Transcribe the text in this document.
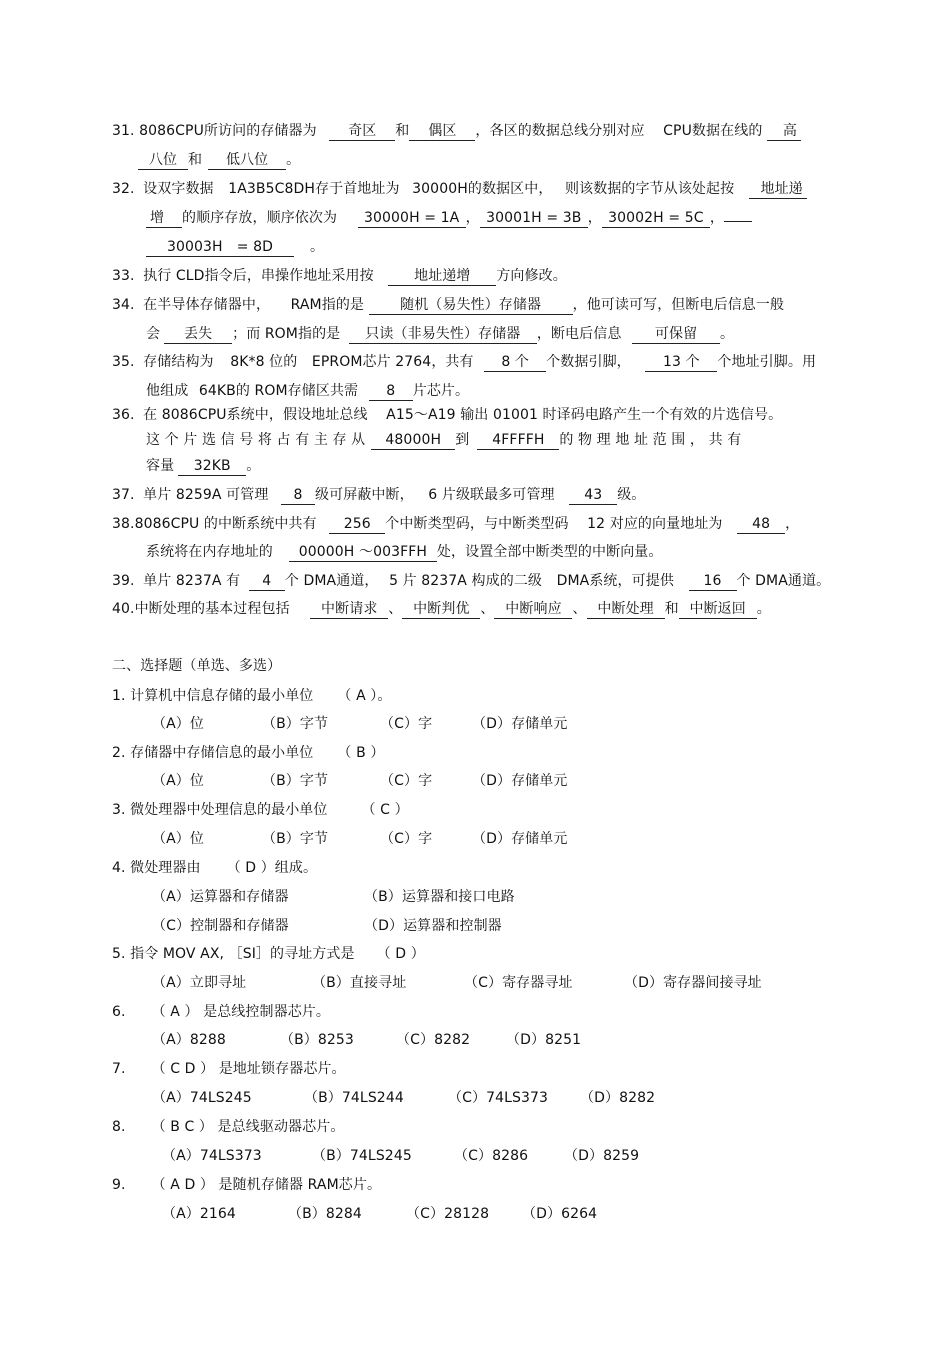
31. 8086CPU所访问的存储器为 奇区 和 偶区 ，各区的数据总线分别对应 CPU数据在线的 高
八位 和 低八位 。
32. 设双字数据 1A3B5C8DH存于首地址为 30000H的数据区中， 则该数据的字节从该处起按 地址递
增 的顺序存放，顺序依次为 30000H = 1A ， 30001H = 3B ， 30002H = 5C ，
30003H　= 8D	。
33. 执行 CLD指令后，串操作地址采用按	地址递增 方向修改。
34. 在半导体存储器中， RAM指的是	随机（易失性）存储器 ，他可读可写，但断电后信息一般
会 丢失 ；而 ROM指的是 只读（非易失性）存储器 ，断电后信息 可保留 。
35. 存储结构为 8K*8 位的 EPROM芯片 2764，共有 8 个 个数据引脚， 13 个 个地址引脚。用
他组成 64KB的 ROM存储区共需 8 片芯片。
36. 在 8086CPU系统中，假设地址总线 A15～A19 输出 01001 时译码电路产生一个有效的片选信号。
这 个 片 选 信 号 将 占 有 主 存 从 48000H 到 4FFFFH 的 物 理 地 址 范 围 ， 共 有
容量 32KB 。
37. 单片 8259A 可管理 8 级可屏蔽中断， 6 片级联最多可管理 43 级。
38.8086CPU 的中断系统中共有 256 个中断类型码，与中断类型码 12 对应的向量地址为 48 ，
系统将在内存地址的 00000H ～003FFH 处，设置全部中断类型的中断向量。
39. 单片 8237A 有 4 个 DMA通道， 5 片 8237A 构成的二级 DMA系统，可提供 16 个 DMA通道。
40.中断处理的基本过程包括 中断请求 、 中断判优 、 中断响应 、 中断处理 和 中断返回 。
二、选择题（单选、多选）
1. 计算机中信息存储的最小单位 （ A ）。
（A）位	（B）字节	（C）字	（D）存储单元
2. 存储器中存储信息的最小单位 （ B ）
（A）位	（B）字节	（C）字	（D）存储单元
3. 微处理器中处理信息的最小单位 （ C ）
（A）位	（B）字节	（C）字	（D）存储单元
4. 微处理器由 （ D ）组成。
（A）运算器和存储器	（B）运算器和接口电路
（C）控制器和存储器	（D）运算器和控制器
5. 指令 MOV AX, ［SI］的寻址方式是 （ D ）
（A）立即寻址	（B）直接寻址	（C）寄存器寻址	（D）寄存器间接寻址
6. （ A ） 是总线控制器芯片。
（A）8288	（B）8253	（C）8282	（D）8251
7. （ C D ） 是地址锁存器芯片。
（A）74LS245	（B）74LS244	（C）74LS373 （D）8282
8. （ B C ） 是总线驱动器芯片。
（A）74LS373	（B）74LS245	（C）8286	（D）8259
9. （ A D ） 是随机存储器 RAM芯片。
（A）2164	（B）8284	（C）28128 （D）6264
